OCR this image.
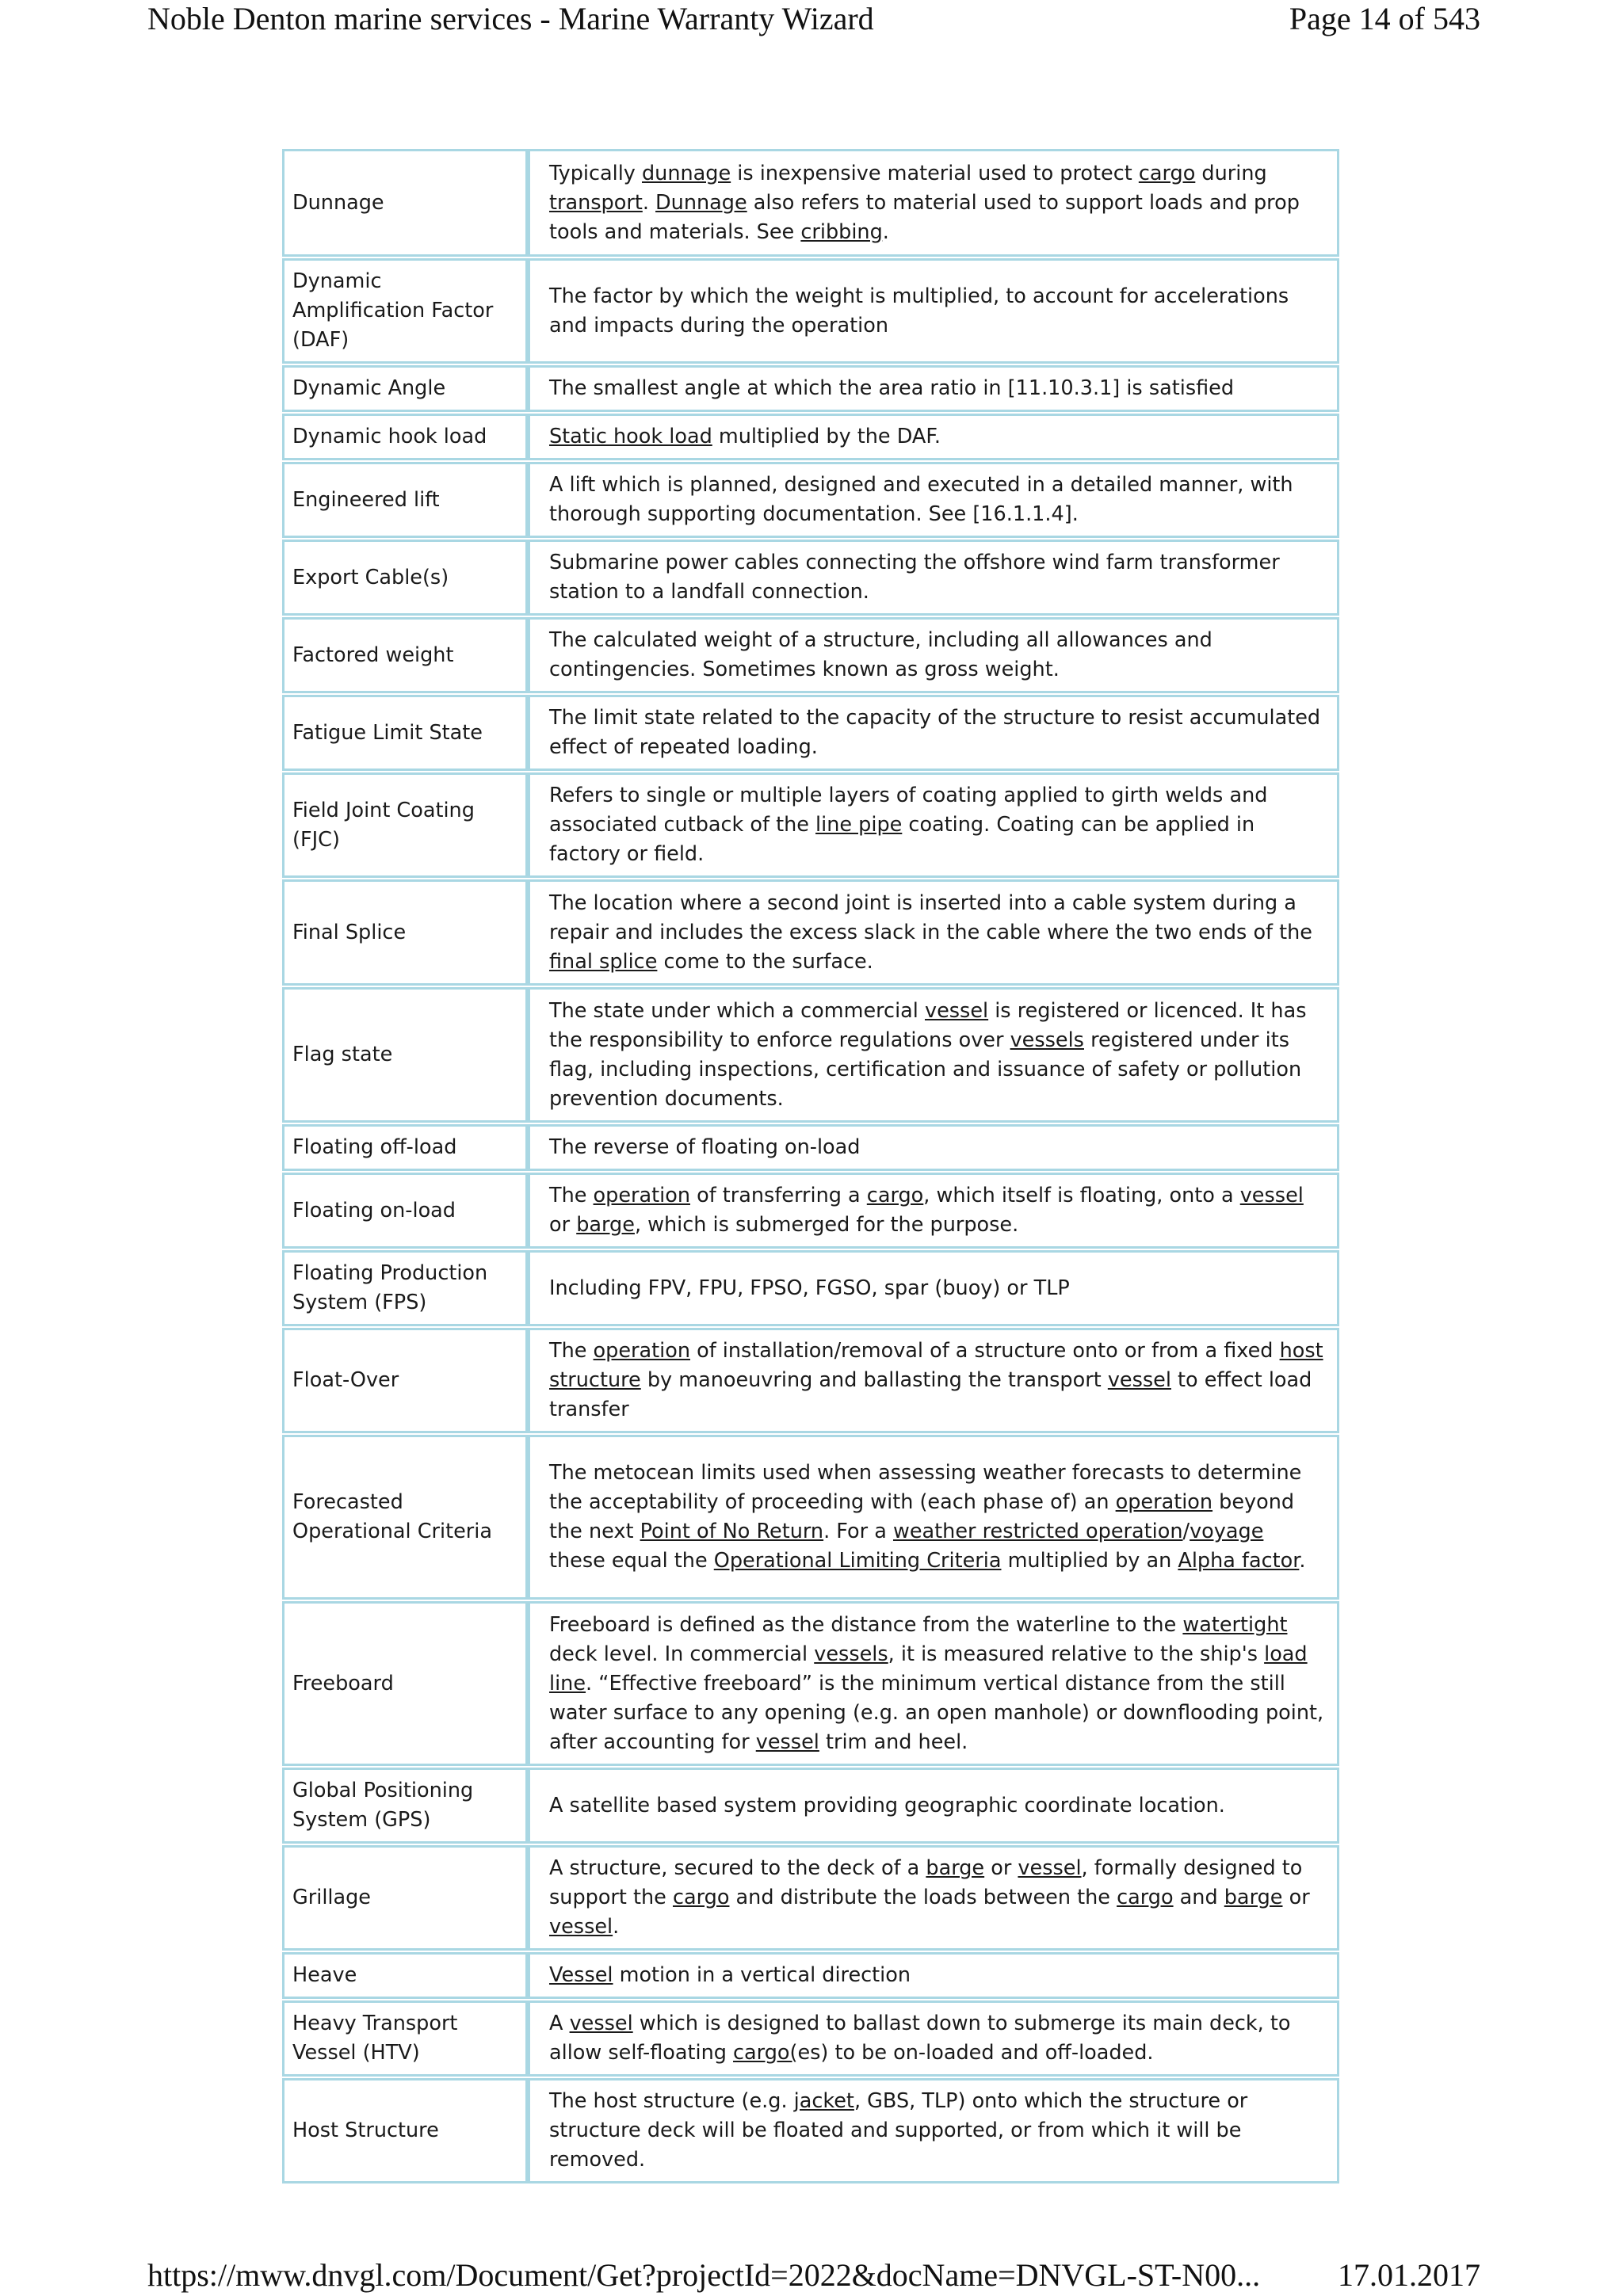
Noble Denton marine services - Marine Warranty Wizard	Page 14 of 543
Dunnage	Typically dunnage is inexpensive material used to protect cargo during transport. Dunnage also refers to material used to support loads and prop tools and materials. See cribbing.
Dynamic Amplification Factor (DAF)	The factor by which the weight is multiplied, to account for accelerations and impacts during the operation
Dynamic Angle	The smallest angle at which the area ratio in [11.10.3.1] is satisfied
Dynamic hook load	Static hook load multiplied by the DAF.
Engineered lift	A lift which is planned, designed and executed in a detailed manner, with thorough supporting documentation. See [16.1.1.4].
Export Cable(s)	Submarine power cables connecting the offshore wind farm transformer station to a landfall connection.
Factored weight	The calculated weight of a structure, including all allowances and contingencies. Sometimes known as gross weight.
Fatigue Limit State	The limit state related to the capacity of the structure to resist accumulated effect of repeated loading.
Field Joint Coating (FJC)	Refers to single or multiple layers of coating applied to girth welds and associated cutback of the line pipe coating. Coating can be applied in factory or field.
Final Splice	The location where a second joint is inserted into a cable system during a repair and includes the excess slack in the cable where the two ends of the final splice come to the surface.
Flag state	The state under which a commercial vessel is registered or licenced. It has the responsibility to enforce regulations over vessels registered under its flag, including inspections, certification and issuance of safety or pollution prevention documents.
Floating off-load	The reverse of floating on-load
Floating on-load	The operation of transferring a cargo, which itself is floating, onto a vessel or barge, which is submerged for the purpose.
Floating Production System (FPS)	Including FPV, FPU, FPSO, FGSO, spar (buoy) or TLP
Float-Over	The operation of installation/removal of a structure onto or from a fixed host structure by manoeuvring and ballasting the transport vessel to effect load transfer
Forecasted Operational Criteria	The metocean limits used when assessing weather forecasts to determine the acceptability of proceeding with (each phase of) an operation beyond the next Point of No Return. For a weather restricted operation/voyage these equal the Operational Limiting Criteria multiplied by an Alpha factor.
Freeboard	Freeboard is defined as the distance from the waterline to the watertight deck level. In commercial vessels, it is measured relative to the ship's load line. “Effective freeboard” is the minimum vertical distance from the still water surface to any opening (e.g. an open manhole) or downflooding point, after accounting for vessel trim and heel.
Global Positioning System (GPS)	A satellite based system providing geographic coordinate location.
Grillage	A structure, secured to the deck of a barge or vessel, formally designed to support the cargo and distribute the loads between the cargo and barge or vessel.
Heave	Vessel motion in a vertical direction
Heavy Transport Vessel (HTV)	A vessel which is designed to ballast down to submerge its main deck, to allow self-floating cargo(es) to be on-loaded and off-loaded.
Host Structure	The host structure (e.g. jacket, GBS, TLP) onto which the structure or structure deck will be floated and supported, or from which it will be removed.
https://mww.dnvgl.com/Document/Get?projectId=2022&docName=DNVGL-ST-N00... 17.01.2017
